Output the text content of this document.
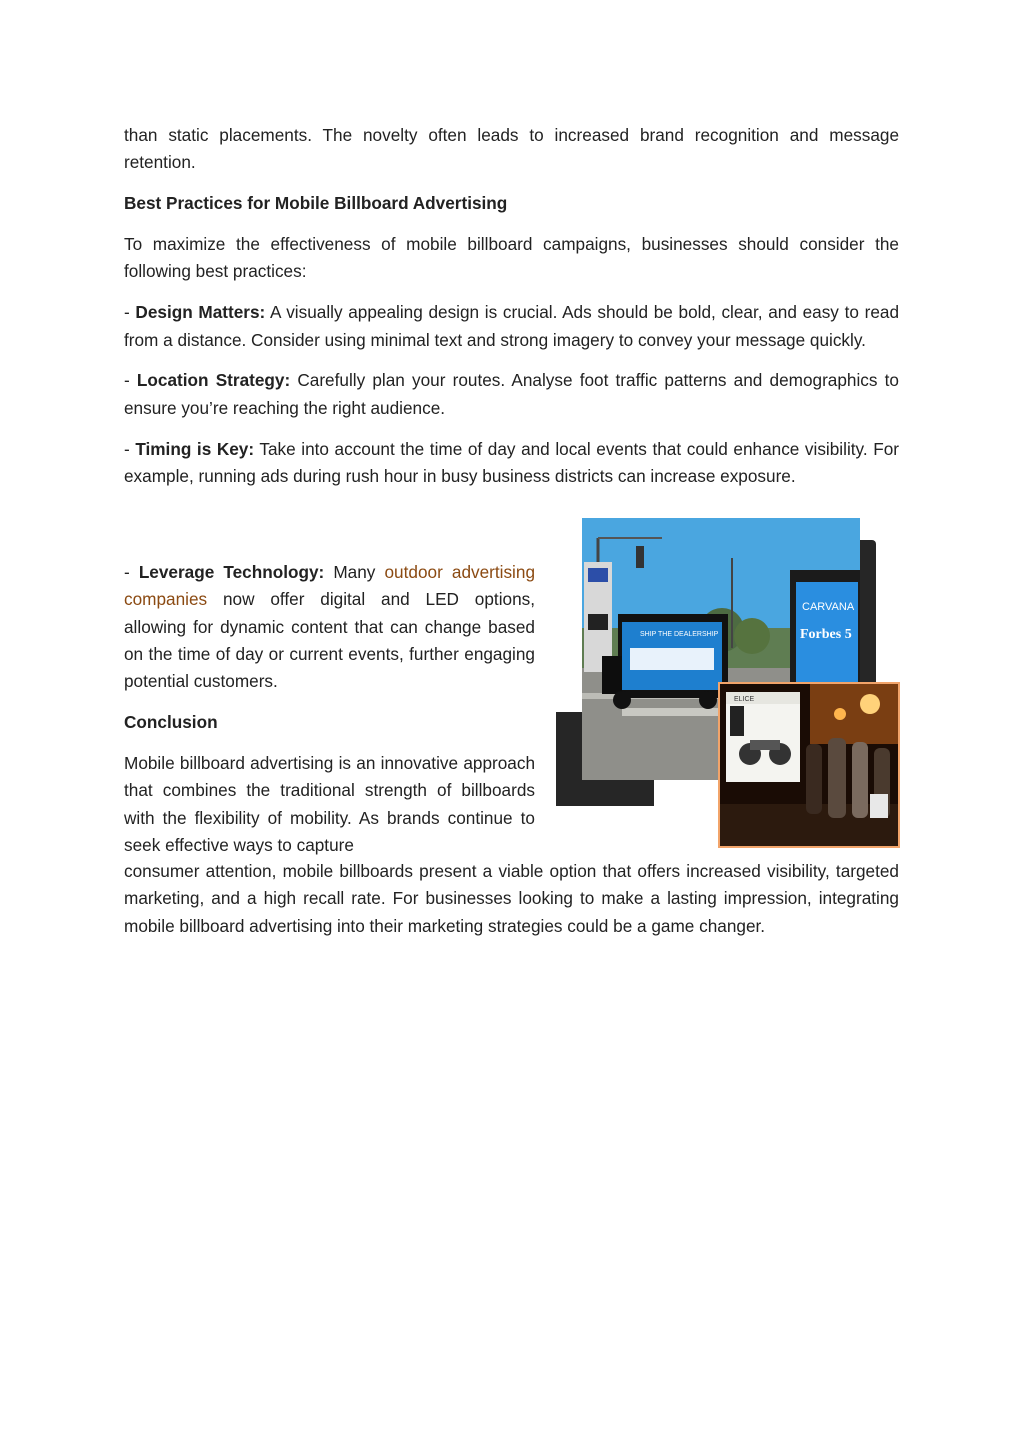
than static placements. The novelty often leads to increased brand recognition and message retention.

Best Practices for Mobile Billboard Advertising

To maximize the effectiveness of mobile billboard campaigns, businesses should consider the following best practices:

- Design Matters: A visually appealing design is crucial. Ads should be bold, clear, and easy to read from a distance. Consider using minimal text and strong imagery to convey your message quickly.

- Location Strategy: Carefully plan your routes. Analyse foot traffic patterns and demographics to ensure you’re reaching the right audience.

- Timing is Key: Take into account the time of day and local events that could enhance visibility. For example, running ads during rush hour in busy business districts can increase exposure.

- Leverage Technology: Many outdoor advertising companies now offer digital and LED options, allowing for dynamic content that can change based on the time of day or current events, further engaging potential customers.

Conclusion

Mobile billboard advertising is an innovative approach that combines the traditional strength of billboards with the flexibility of mobility. As brands continue to seek effective ways to capture

consumer attention, mobile billboards present a viable option that offers increased visibility, targeted marketing, and a high recall rate. For businesses looking to make a lasting impression, integrating mobile billboard advertising into their marketing strategies could be a game changer.

SHIP THE DEALERSHIP
CARVANA
Forbes 5
ELICE
